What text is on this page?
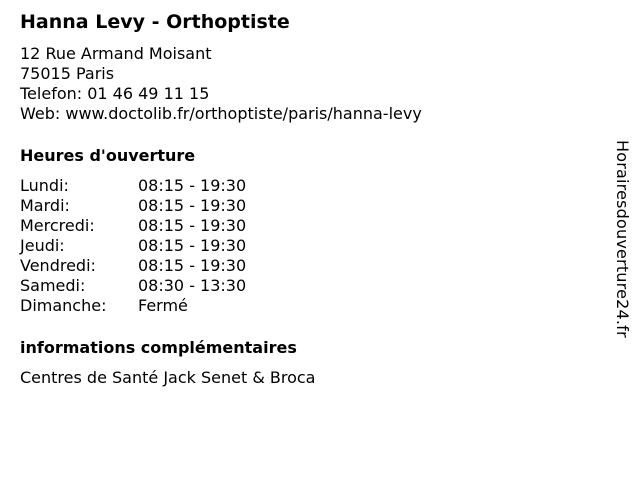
Hanna Levy - Orthoptiste
12 Rue Armand Moisant
75015 Paris
Telefon: 01 46 49 11 15
Web: www.doctolib.fr/orthoptiste/paris/hanna-levy
Heures d'ouverture
Lundi:	08:15 - 19:30
Mardi:	08:15 - 19:30
Mercredi:	08:15 - 19:30
Jeudi:	08:15 - 19:30
Vendredi:	08:15 - 19:30
Samedi:	08:30 - 13:30
Dimanche:	Fermé
informations complémentaires
Centres de Santé Jack Senet & Broca
Horairesdouverture24.fr
